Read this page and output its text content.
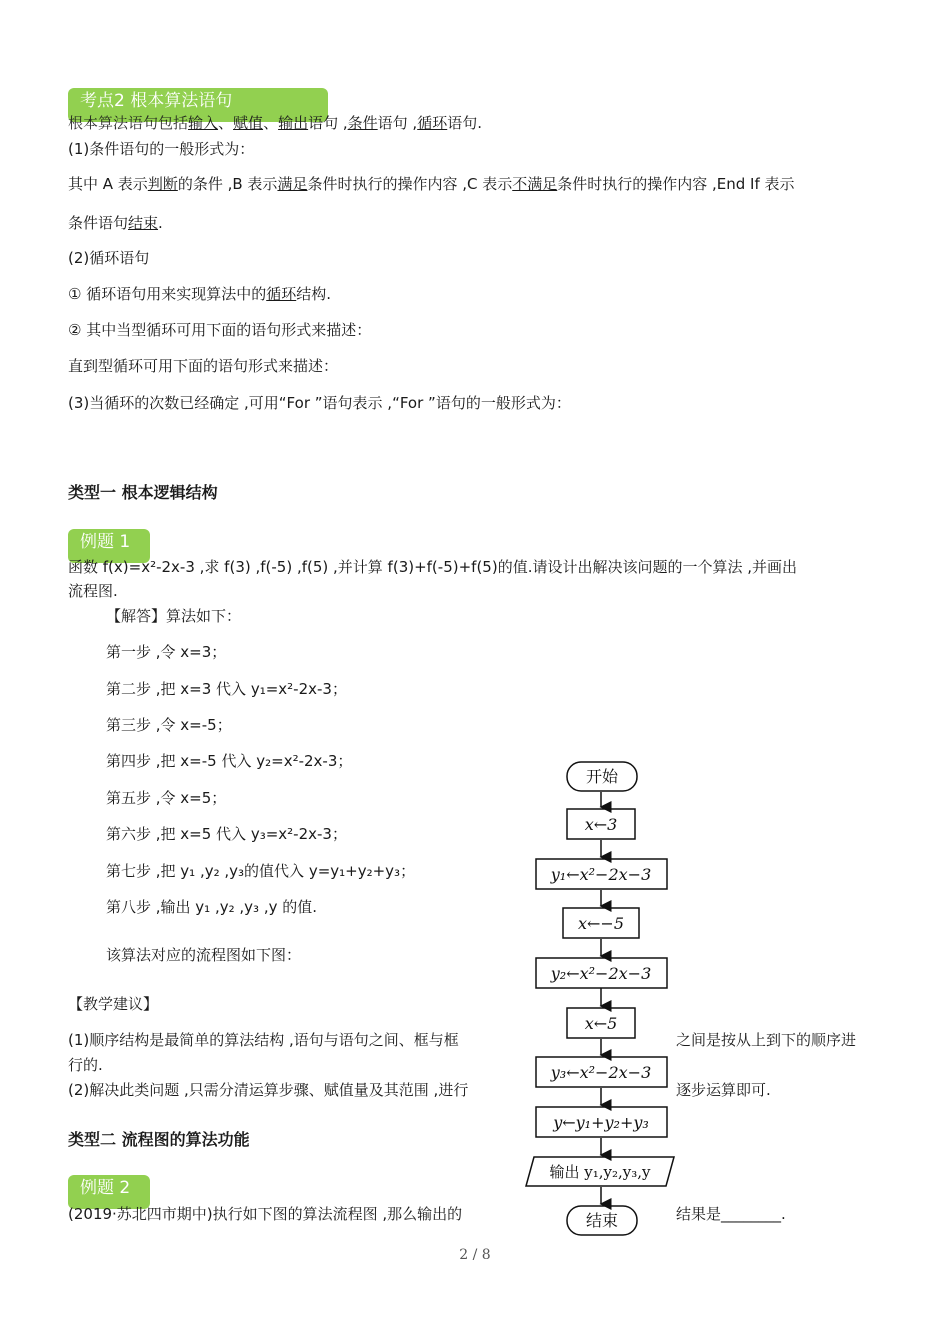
考点2 根本算法语句
根本算法语句包括输入、赋值、输出语句 ,条件语句 ,循环语句.
(1)条件语句的一般形式为：
其中 A 表示判断的条件 ,B 表示满足条件时执行的操作内容 ,C 表示不满足条件时执行的操作内容 ,End If 表示
条件语句结束.
(2)循环语句
① 循环语句用来实现算法中的循环结构.
② 其中当型循环可用下面的语句形式来描述：
直到型循环可用下面的语句形式来描述：
(3)当循环的次数已经确定 ,可用“For ”语句表示 ,“For ”语句的一般形式为：
类型一 根本逻辑结构
例题 1
函数 f(x)=x²-2x-3 ,求 f(3) ,f(-5) ,f(5) ,并计算 f(3)+f(-5)+f(5)的值.请设计出解决该问题的一个算法 ,并画出
流程图.
【解答】算法如下：
第一步 ,令 x=3；
第二步 ,把 x=3 代入 y₁=x²-2x-3；
第三步 ,令 x=-5；
第四步 ,把 x=-5 代入 y₂=x²-2x-3；
第五步 ,令 x=5；
第六步 ,把 x=5 代入 y₃=x²-2x-3；
第七步 ,把 y₁ ,y₂ ,y₃的值代入 y=y₁+y₂+y₃；
第八步 ,输出 y₁ ,y₂ ,y₃ ,y 的值.
该算法对应的流程图如下图：
【教学建议】
(1)顺序结构是最简单的算法结构 ,语句与语句之间、框与框	之间是按从上到下的顺序进
行的.
(2)解决此类问题 ,只需分清运算步骤、赋值量及其范围 ,进行	逐步运算即可.
类型二 流程图的算法功能
例题 2
(2019·苏北四市期中)执行如下图的算法流程图 ,那么输出的	结果是________.
开始
x←3
y₁←x²−2x−3
x←−5
y₂←x²−2x−3
x←5
y₃←x²−2x−3
y←y₁+y₂+y₃
输出 y₁,y₂,y₃,y
结束
2 / 8
